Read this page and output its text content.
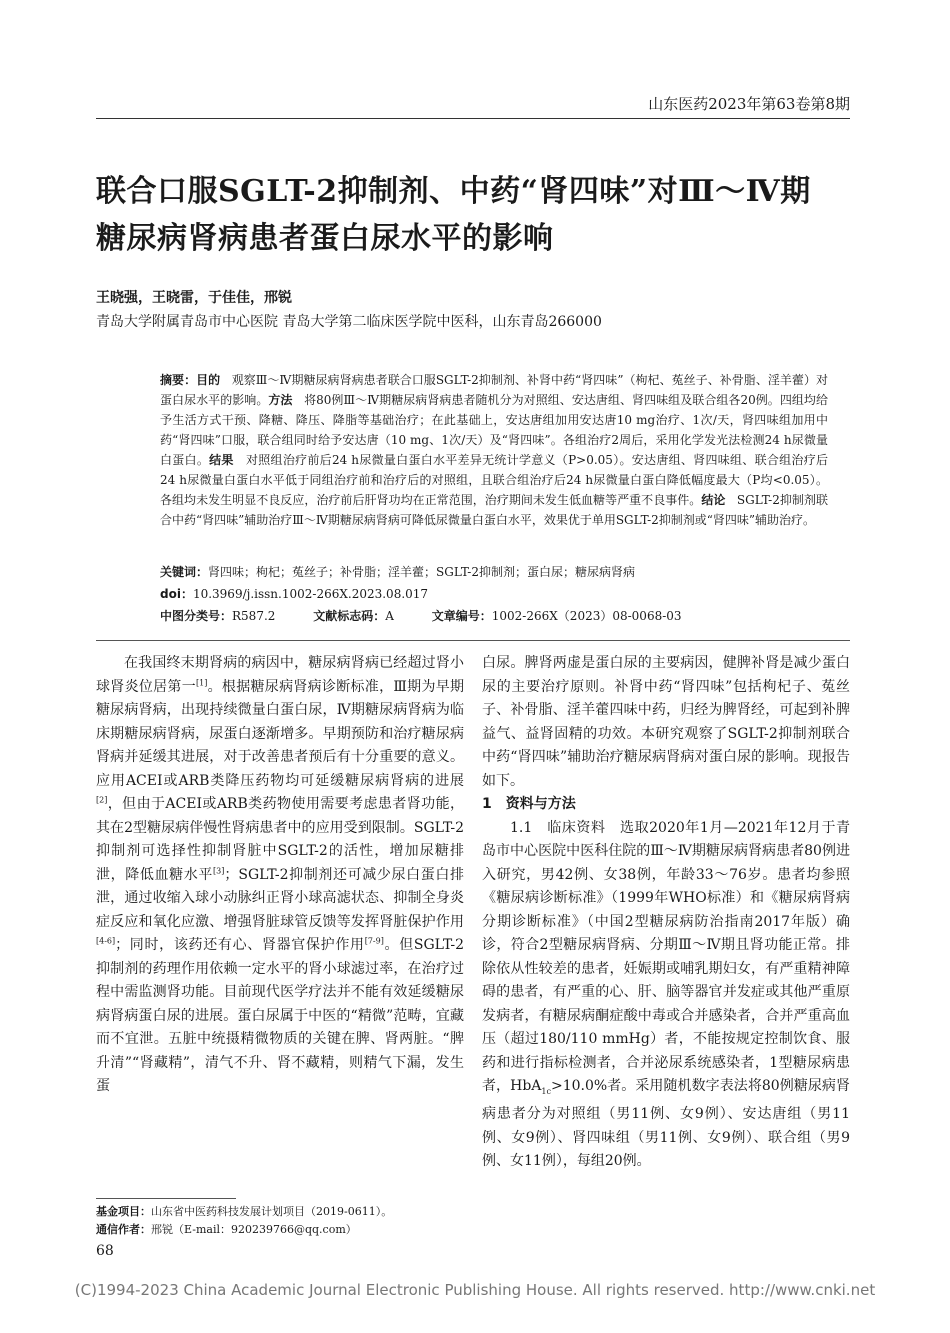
山东医药2023年第63卷第8期
联合口服SGLT-2抑制剂、中药“肾四味”对Ⅲ～Ⅳ期
糖尿病肾病患者蛋白尿水平的影响
王晓强，王晓雷，于佳佳，邢锐
青岛大学附属青岛市中心医院 青岛大学第二临床医学院中医科，山东青岛266000
摘要：目的 观察Ⅲ～Ⅳ期糖尿病肾病患者联合口服SGLT-2抑制剂、补肾中药“肾四味”（枸杞、菟丝子、补骨脂、淫羊藿）对蛋白尿水平的影响。方法 将80例Ⅲ～Ⅳ期糖尿病肾病患者随机分为对照组、安达唐组、肾四味组及联合组各20例。四组均给予生活方式干预、降糖、降压、降脂等基础治疗；在此基础上，安达唐组加用安达唐10 mg治疗、1次/天，肾四味组加用中药“肾四味”口服，联合组同时给予安达唐（10 mg、1次/天）及“肾四味”。各组治疗2周后，采用化学发光法检测24 h尿微量白蛋白。结果 对照组治疗前后24 h尿微量白蛋白水平差异无统计学意义（P>0.05）。安达唐组、肾四味组、联合组治疗后24 h尿微量白蛋白水平低于同组治疗前和治疗后的对照组，且联合组治疗后24 h尿微量白蛋白降低幅度最大（P均<0.05）。各组均未发生明显不良反应，治疗前后肝肾功均在正常范围，治疗期间未发生低血糖等严重不良事件。结论 SGLT-2抑制剂联合中药“肾四味”辅助治疗Ⅲ～Ⅳ期糖尿病肾病可降低尿微量白蛋白水平，效果优于单用SGLT-2抑制剂或“肾四味”辅助治疗。
关键词：肾四味；枸杞；菟丝子；补骨脂；淫羊藿；SGLT-2抑制剂；蛋白尿；糖尿病肾病
doi：10.3969/j.issn.1002-266X.2023.08.017
中图分类号：R587.2	文献标志码：A	文章编号：1002-266X（2023）08-0068-03

在我国终末期肾病的病因中，糖尿病肾病已经超过肾小球肾炎位居第一[1]。根据糖尿病肾病诊断标准，Ⅲ期为早期糖尿病肾病，出现持续微量白蛋白尿，Ⅳ期糖尿病肾病为临床期糖尿病肾病，尿蛋白逐渐增多。早期预防和治疗糖尿病肾病并延缓其进展，对于改善患者预后有十分重要的意义。应用ACEI或ARB类降压药物均可延缓糖尿病肾病的进展[2]，但由于ACEI或ARB类药物使用需要考虑患者肾功能，其在2型糖尿病伴慢性肾病患者中的应用受到限制。SGLT-2抑制剂可选择性抑制肾脏中SGLT-2的活性，增加尿糖排泄，降低血糖水平[3]；SGLT-2抑制剂还可减少尿白蛋白排泄，通过收缩入球小动脉纠正肾小球高滤状态、抑制全身炎症反应和氧化应激、增强肾脏球管反馈等发挥肾脏保护作用[4-6]；同时，该药还有心、肾器官保护作用[7-9]。但SGLT-2抑制剂的药理作用依赖一定水平的肾小球滤过率，在治疗过程中需监测肾功能。目前现代医学疗法并不能有效延缓糖尿病肾病蛋白尿的进展。蛋白尿属于中医的“精微”范畴，宜藏而不宜泄。五脏中统摄精微物质的关键在脾、肾两脏。“脾升清”“肾藏精”，清气不升、肾不藏精，则精气下漏，发生蛋

白尿。脾肾两虚是蛋白尿的主要病因，健脾补肾是减少蛋白尿的主要治疗原则。补肾中药“肾四味”包括枸杞子、菟丝子、补骨脂、淫羊藿四味中药，归经为脾肾经，可起到补脾益气、益肾固精的功效。本研究观察了SGLT-2抑制剂联合中药“肾四味”辅助治疗糖尿病肾病对蛋白尿的影响。现报告如下。

1　资料与方法

1.1　临床资料　选取2020年1月—2021年12月于青岛市中心医院中医科住院的Ⅲ～Ⅳ期糖尿病肾病患者80例进入研究，男42例、女38例，年龄33～76岁。患者均参照《糖尿病诊断标准》（1999年WHO标准）和《糖尿病肾病分期诊断标准》（中国2型糖尿病防治指南2017年版）确诊，符合2型糖尿病肾病、分期Ⅲ～Ⅳ期且肾功能正常。排除依从性较差的患者，妊娠期或哺乳期妇女，有严重精神障碍的患者，有严重的心、肝、脑等器官并发症或其他严重原发病者，有糖尿病酮症酸中毒或合并感染者，合并严重高血压（超过180/110 mmHg）者，不能按规定控制饮食、服药和进行指标检测者，合并泌尿系统感染者，1型糖尿病患者，HbA$_{1c}$>10.0%者。采用随机数字表法将80例糖尿病肾病患者分为对照组（男11例、女9例）、安达唐组（男11例、女9例）、肾四味组（男11例、女9例）、联合组（男9例、女11例），每组20例。

基金项目：山东省中医药科技发展计划项目（2019-0611）。
通信作者：邢锐（E-mail：920239766@qq.com）
68
(C)1994-2023 China Academic Journal Electronic Publishing House. All rights reserved. http://www.cnki.net
